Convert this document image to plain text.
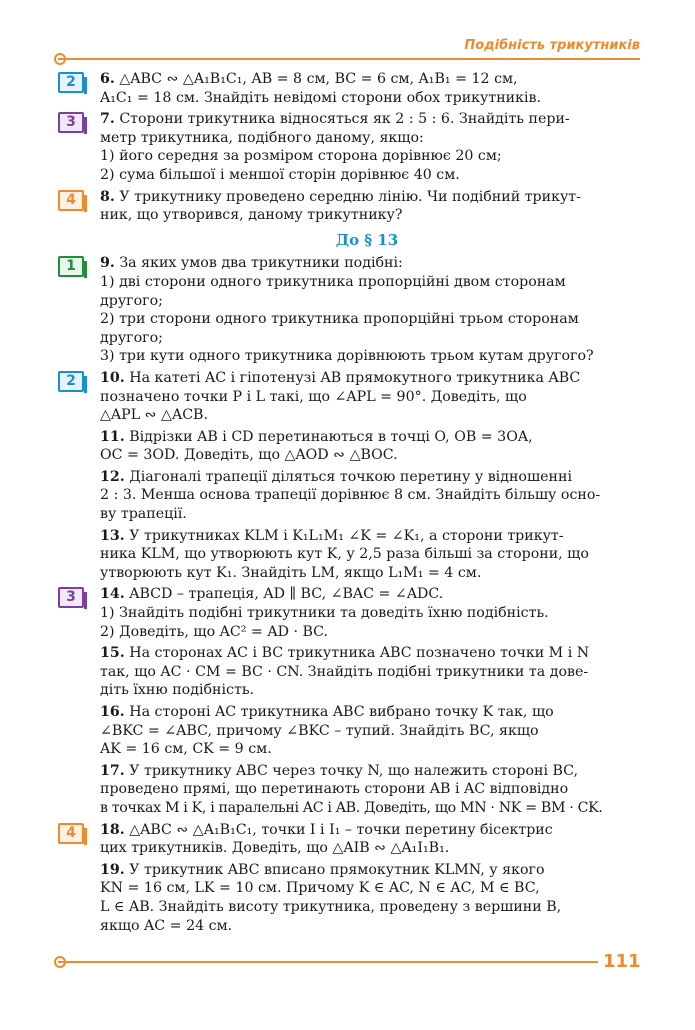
Подібність трикутників
2	6. △ABC ∾ △A₁B₁C₁, AB = 8 см, BC = 6 см, A₁B₁ = 12 см,
A₁C₁ = 18 см. Знайдіть невідомі сторони обох трикутників.
3	7. Сторони трикутника відносяться як 2 : 5 : 6. Знайдіть пери-
метр трикутника, подібного даному, якщо:
1) його середня за розміром сторона дорівнює 20 см;
2) сума більшої і меншої сторін дорівнює 40 см.
4	8. У трикутнику проведено середню лінію. Чи подібний трикут-
ник, що утворився, даному трикутнику?
До § 13
1	9. За яких умов два трикутники подібні:
1) дві сторони одного трикутника пропорційні двом сторонам
другого;
2) три сторони одного трикутника пропорційні трьом сторонам
другого;
3) три кути одного трикутника дорівнюють трьом кутам другого?
2	10. На катеті AC і гіпотенузі AB прямокутного трикутника ABC
позначено точки P і L такі, що ∠APL = 90°. Доведіть, що
△APL ∾ △ACB.
11. Відрізки AB і CD перетинаються в точці O, OB = 3OA,
OC = 3OD. Доведіть, що △AOD ∾ △BOC.
12. Діагоналі трапеції діляться точкою перетину у відношенні
2 : 3. Менша основа трапеції дорівнює 8 см. Знайдіть більшу осно-
ву трапеції.
13. У трикутниках KLM і K₁L₁M₁ ∠K = ∠K₁, а сторони трикут-
ника KLM, що утворюють кут K, у 2,5 раза більші за сторони, що
утворюють кут K₁. Знайдіть LM, якщо L₁M₁ = 4 см.
3	14. ABCD – трапеція, AD ∥ BC, ∠BAC = ∠ADC.
1) Знайдіть подібні трикутники та доведіть їхню подібність.
2) Доведіть, що AC² = AD · BC.
15. На сторонах AC і BC трикутника ABC позначено точки M і N
так, що AC · CM = BC · CN. Знайдіть подібні трикутники та дове-
діть їхню подібність.
16. На стороні AC трикутника ABC вибрано точку K так, що
∠BKC = ∠ABC, причому ∠BKC – тупий. Знайдіть BC, якщо
AK = 16 см, CK = 9 см.
17. У трикутнику ABC через точку N, що належить стороні BC,
проведено прямі, що перетинають сторони AB і AC відповідно
в точках M і K, і паралельні AC і AB. Доведіть, що MN · NK = BM · CK.
4	18. △ABC ∾ △A₁B₁C₁, точки I і I₁ – точки перетину бісектрис
цих трикутників. Доведіть, що △AIB ∾ △A₁I₁B₁.
19. У трикутник ABC вписано прямокутник KLMN, у якого
KN = 16 см, LK = 10 см. Причому K ∈ AC, N ∈ AC, M ∈ BC,
L ∈ AB. Знайдіть висоту трикутника, проведену з вершини B,
якщо AC = 24 см.
111
